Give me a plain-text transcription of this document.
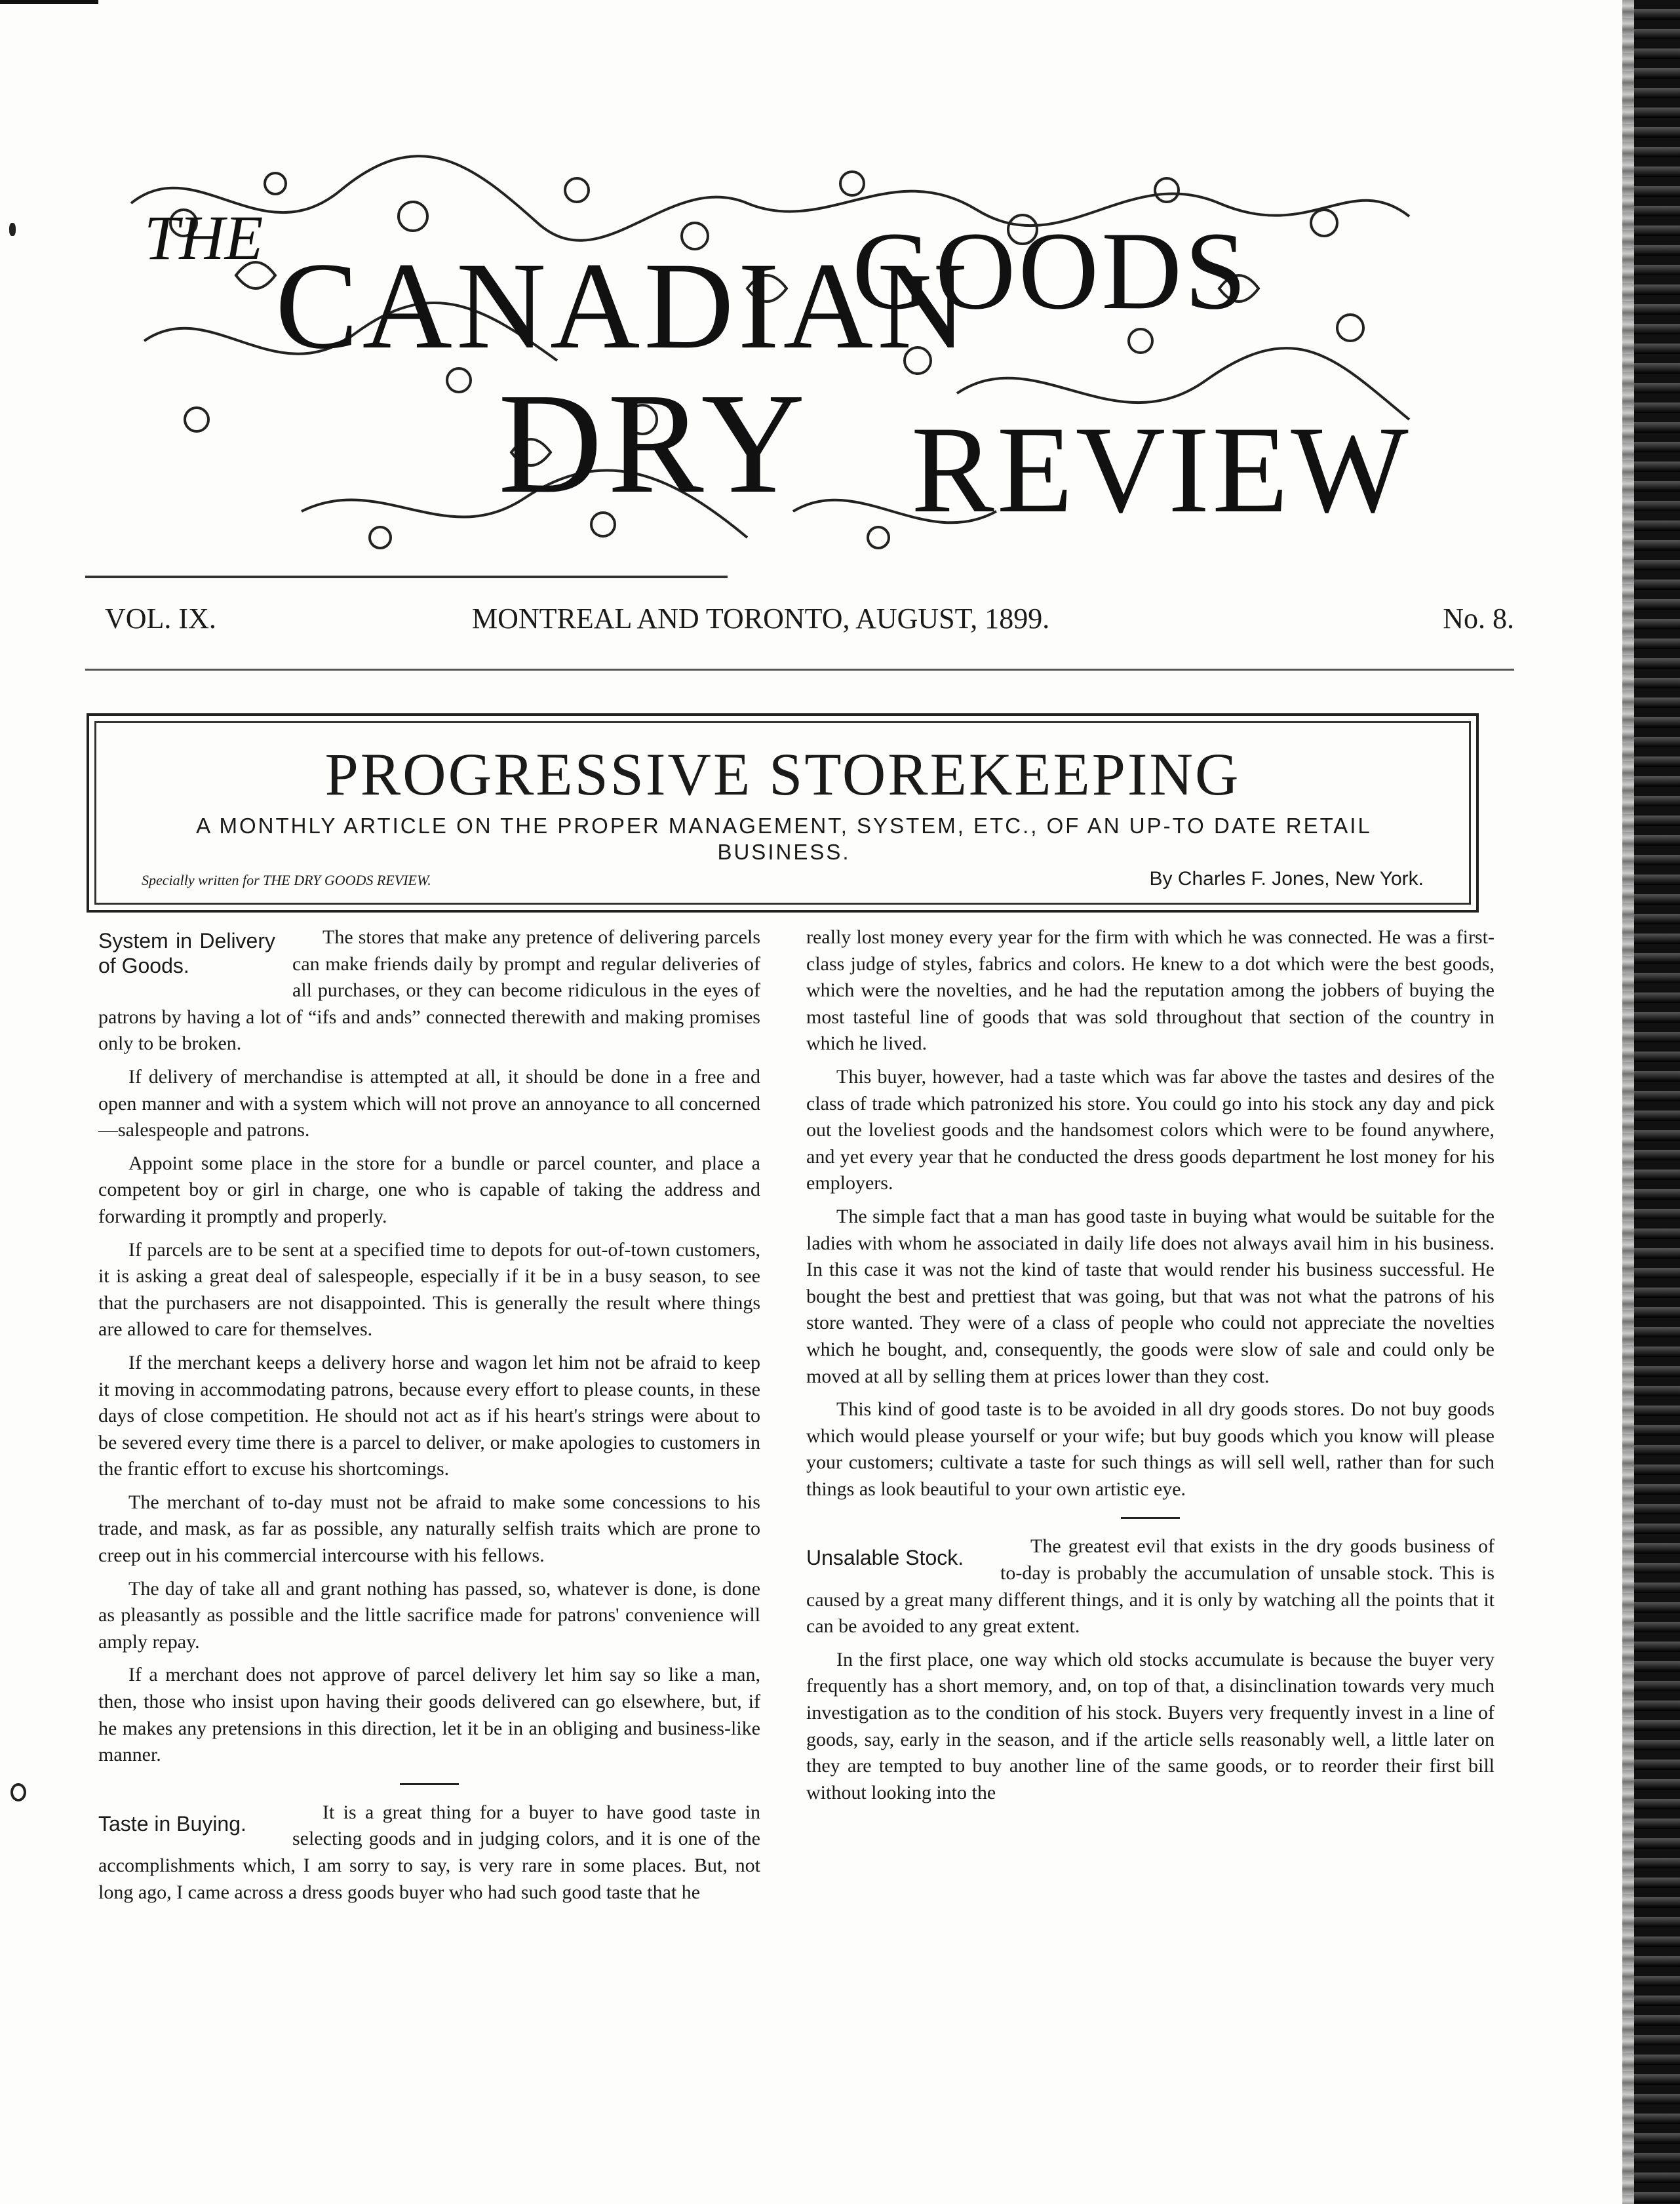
THE CANADIAN
GOODS
DRY REVIEW
VOL. IX.	MONTREAL AND TORONTO, AUGUST, 1899.	No. 8.
PROGRESSIVE STOREKEEPING
A MONTHLY ARTICLE ON THE PROPER MANAGEMENT, SYSTEM, ETC., OF AN UP-TO DATE RETAIL BUSINESS.
Specially written for THE DRY GOODS REVIEW.	By Charles F. Jones, New York.
System in Delivery of Goods.

The stores that make any pretence of delivering parcels can make friends daily by prompt and regular deliveries of all purchases, or they can become ridiculous in the eyes of patrons by having a lot of “ifs and ands” connected therewith and making promises only to be broken.

If delivery of merchandise is attempted at all, it should be done in a free and open manner and with a system which will not prove an annoyance to all concerned—salespeople and patrons.

Appoint some place in the store for a bundle or parcel counter, and place a competent boy or girl in charge, one who is capable of taking the address and forwarding it promptly and properly.

If parcels are to be sent at a specified time to depots for out-of-town customers, it is asking a great deal of salespeople, especially if it be in a busy season, to see that the purchasers are not disappointed. This is generally the result where things are allowed to care for themselves.

If the merchant keeps a delivery horse and wagon let him not be afraid to keep it moving in accommodating patrons, because every effort to please counts, in these days of close competition. He should not act as if his heart's strings were about to be severed every time there is a parcel to deliver, or make apologies to customers in the frantic effort to excuse his shortcomings.

The merchant of to-day must not be afraid to make some concessions to his trade, and mask, as far as possible, any naturally selfish traits which are prone to creep out in his commercial intercourse with his fellows.

The day of take all and grant nothing has passed, so, whatever is done, is done as pleasantly as possible and the little sacrifice made for patrons' convenience will amply repay.

If a merchant does not approve of parcel delivery let him say so like a man, then, those who insist upon having their goods delivered can go elsewhere, but, if he makes any pretensions in this direction, let it be in an obliging and business-like manner.

Taste in Buying.	It is a great thing for a buyer to have good taste in selecting goods and in judging colors, and it is one of the accomplishments which, I am sorry to say, is very rare in some places. But, not long ago, I came across a dress goods buyer who had such good taste that he

really lost money every year for the firm with which he was connected. He was a first-class judge of styles, fabrics and colors. He knew to a dot which were the best goods, which were the novelties, and he had the reputation among the jobbers of buying the most tasteful line of goods that was sold throughout that section of the country in which he lived.

This buyer, however, had a taste which was far above the tastes and desires of the class of trade which patronized his store. You could go into his stock any day and pick out the loveliest goods and the handsomest colors which were to be found anywhere, and yet every year that he conducted the dress goods department he lost money for his employers.

The simple fact that a man has good taste in buying what would be suitable for the ladies with whom he associated in daily life does not always avail him in his business. In this case it was not the kind of taste that would render his business successful. He bought the best and prettiest that was going, but that was not what the patrons of his store wanted. They were of a class of people who could not appreciate the novelties which he bought, and, consequently, the goods were slow of sale and could only be moved at all by selling them at prices lower than they cost.

This kind of good taste is to be avoided in all dry goods stores. Do not buy goods which would please yourself or your wife; but buy goods which you know will please your customers; cultivate a taste for such things as will sell well, rather than for such things as look beautiful to your own artistic eye.

Unsalable Stock.	The greatest evil that exists in the dry goods business of to-day is probably the accumulation of unsable stock. This is caused by a great many different things, and it is only by watching all the points that it can be avoided to any great extent.

In the first place, one way which old stocks accumulate is because the buyer very frequently has a short memory, and, on top of that, a disinclination towards very much investigation as to the condition of his stock. Buyers very frequently invest in a line of goods, say, early in the season, and if the article sells reasonably well, a little later on they are tempted to buy another line of the same goods, or to reorder their first bill without looking into the
